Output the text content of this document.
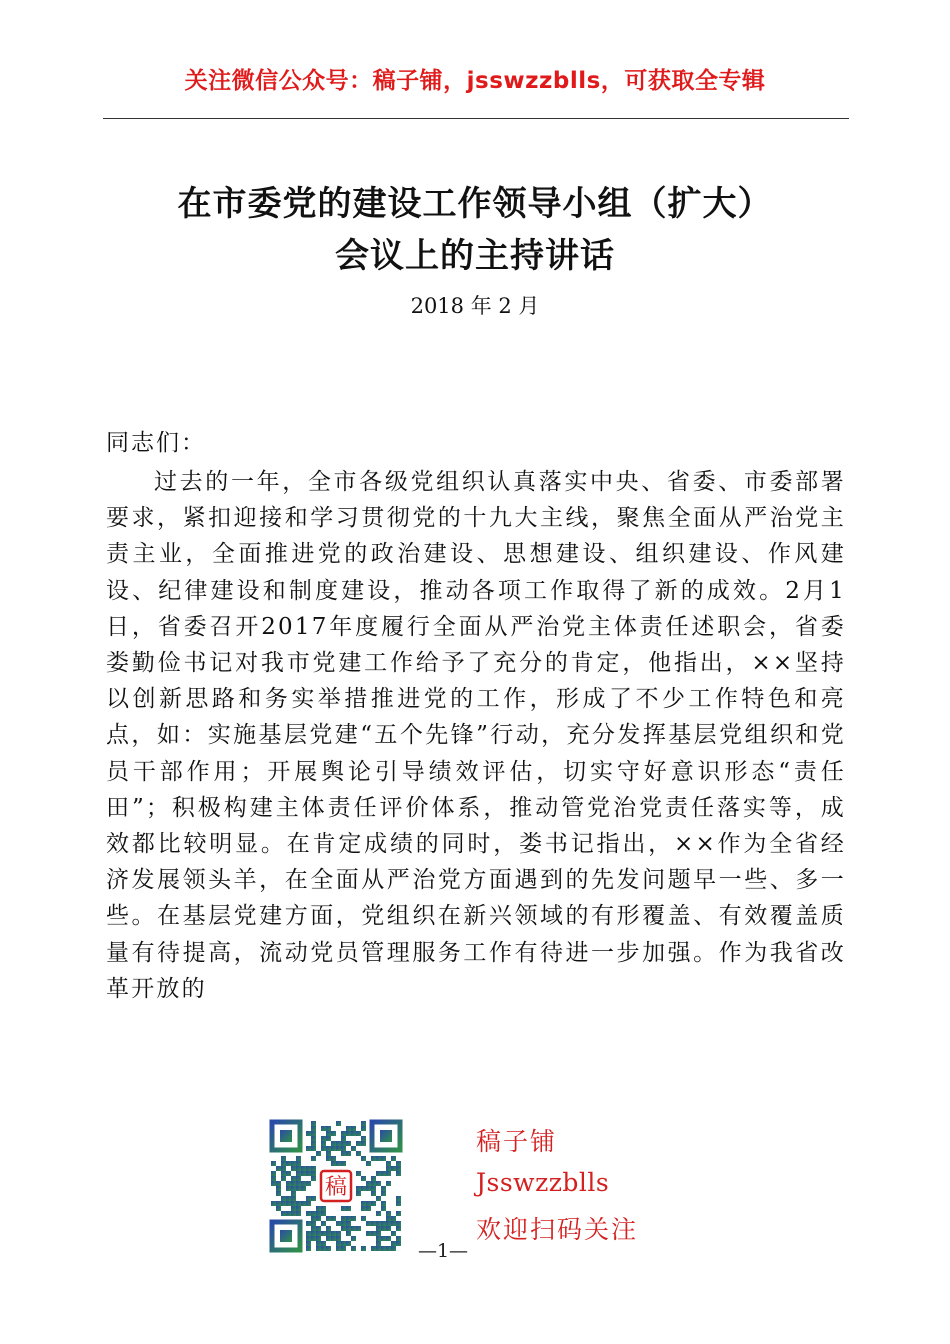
关注微信公众号：稿子铺，jsswzzblls，可获取全专辑
在市委党的建设工作领导小组（扩大）
会议上的主持讲话
2018 年 2 月
同志们：

过去的一年，全市各级党组织认真落实中央、省委、市委部署要求，紧扣迎接和学习贯彻党的十九大主线，聚焦全面从严治党主责主业，全面推进党的政治建设、思想建设、组织建设、作风建设、纪律建设和制度建设，推动各项工作取得了新的成效。2月1日，省委召开2017年度履行全面从严治党主体责任述职会，省委娄勤俭书记对我市党建工作给予了充分的肯定，他指出，××坚持以创新思路和务实举措推进党的工作，形成了不少工作特色和亮点，如：实施基层党建“五个先锋”行动，充分发挥基层党组织和党员干部作用；开展舆论引导绩效评估，切实守好意识形态“责任田”；积极构建主体责任评价体系，推动管党治党责任落实等，成效都比较明显。在肯定成绩的同时，娄书记指出，××作为全省经济发展领头羊，在全面从严治党方面遇到的先发问题早一些、多一些。在基层党建方面，党组织在新兴领域的有形覆盖、有效覆盖质量有待提高，流动党员管理服务工作有待进一步加强。作为我省改革开放的

稿
稿子铺
Jsswzzblls
欢迎扫码关注
—1—
